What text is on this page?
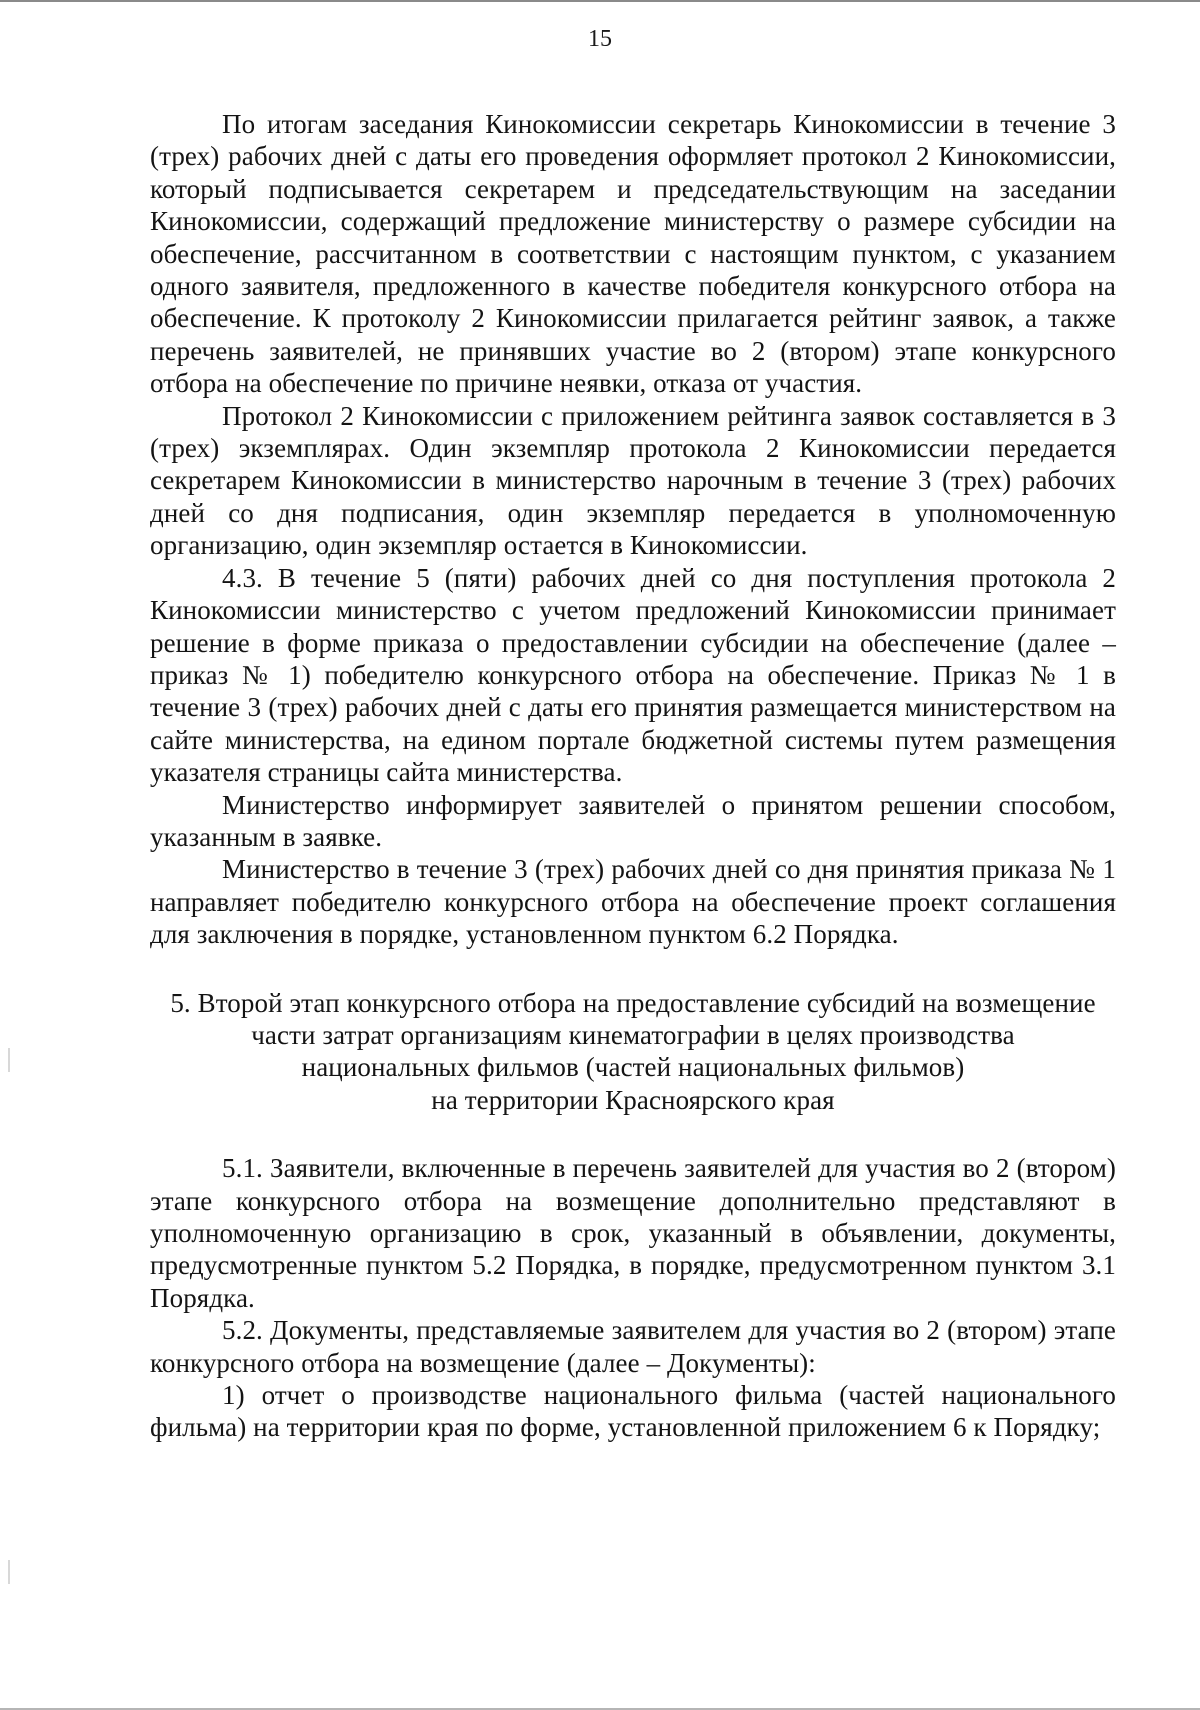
15

По итогам заседания Кинокомиссии секретарь Кинокомиссии в течение 3 (трех) рабочих дней с даты его проведения оформляет протокол 2 Кинокомиссии, который подписывается секретарем и председательствующим на заседании Кинокомиссии, содержащий предложение министерству о размере субсидии на обеспечение, рассчитанном в соответствии с настоящим пунктом, с указанием одного заявителя, предложенного в качестве победителя конкурсного отбора на обеспечение. К протоколу 2 Кинокомиссии прилагается рейтинг заявок, а также перечень заявителей, не принявших участие во 2 (втором) этапе конкурсного отбора на обеспечение по причине неявки, отказа от участия.

Протокол 2 Кинокомиссии с приложением рейтинга заявок составляется в 3 (трех) экземплярах. Один экземпляр протокола 2 Кинокомиссии передается секретарем Кинокомиссии в министерство нарочным в течение 3 (трех) рабочих дней со дня подписания, один экземпляр передается в уполномоченную организацию, один экземпляр остается в Кинокомиссии.

4.3. В течение 5 (пяти) рабочих дней со дня поступления протокола 2 Кинокомиссии министерство с учетом предложений Кинокомиссии принимает решение в форме приказа о предоставлении субсидии на обеспечение (далее – приказ № 1) победителю конкурсного отбора на обеспечение. Приказ № 1 в течение 3 (трех) рабочих дней с даты его принятия размещается министерством на сайте министерства, на едином портале бюджетной системы путем размещения указателя страницы сайта министерства.

Министерство информирует заявителей о принятом решении способом, указанным в заявке.

Министерство в течение 3 (трех) рабочих дней со дня принятия приказа № 1 направляет победителю конкурсного отбора на обеспечение проект соглашения для заключения в порядке, установленном пунктом 6.2 Порядка.

5. Второй этап конкурсного отбора на предоставление субсидий на возмещение
части затрат организациям кинематографии в целях производства
национальных фильмов (частей национальных фильмов)
на территории Красноярского края

5.1. Заявители, включенные в перечень заявителей для участия во 2 (втором) этапе конкурсного отбора на возмещение дополнительно представляют в уполномоченную организацию в срок, указанный в объявлении, документы, предусмотренные пунктом 5.2 Порядка, в порядке, предусмотренном пунктом 3.1 Порядка.

5.2. Документы, представляемые заявителем для участия во 2 (втором) этапе конкурсного отбора на возмещение (далее – Документы):

1) отчет о производстве национального фильма (частей национального фильма) на территории края по форме, установленной приложением 6 к Порядку;
